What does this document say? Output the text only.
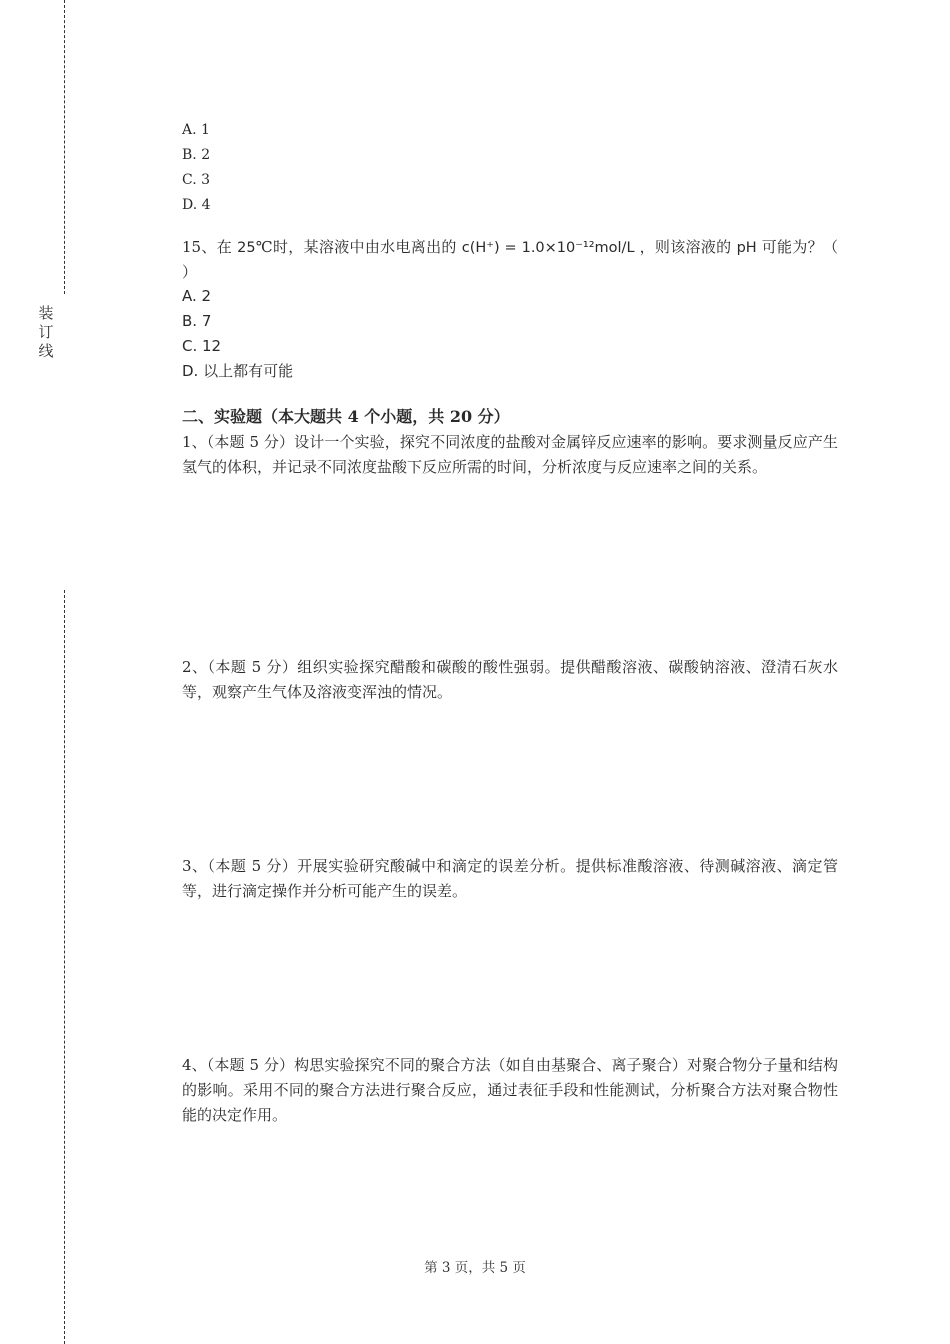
装
订
线
A. 1
B. 2
C. 3
D. 4
15、在 25℃时，某溶液中由水电离出的 c(H⁺) = 1.0×10⁻¹²mol/L ，则该溶液的 pH 可能为？（ ）
A. 2
B. 7
C. 12
D. 以上都有可能
二、实验题（本大题共 4 个小题，共 20 分）
1、（本题 5 分）设计一个实验，探究不同浓度的盐酸对金属锌反应速率的影响。要求测量反应产生氢气的体积，并记录不同浓度盐酸下反应所需的时间，分析浓度与反应速率之间的关系。
2、（本题 5 分）组织实验探究醋酸和碳酸的酸性强弱。提供醋酸溶液、碳酸钠溶液、澄清石灰水等，观察产生气体及溶液变浑浊的情况。
3、（本题 5 分）开展实验研究酸碱中和滴定的误差分析。提供标准酸溶液、待测碱溶液、滴定管等，进行滴定操作并分析可能产生的误差。
4、（本题 5 分）构思实验探究不同的聚合方法（如自由基聚合、离子聚合）对聚合物分子量和结构的影响。采用不同的聚合方法进行聚合反应，通过表征手段和性能测试，分析聚合方法对聚合物性能的决定作用。
第 3 页，共 5 页
